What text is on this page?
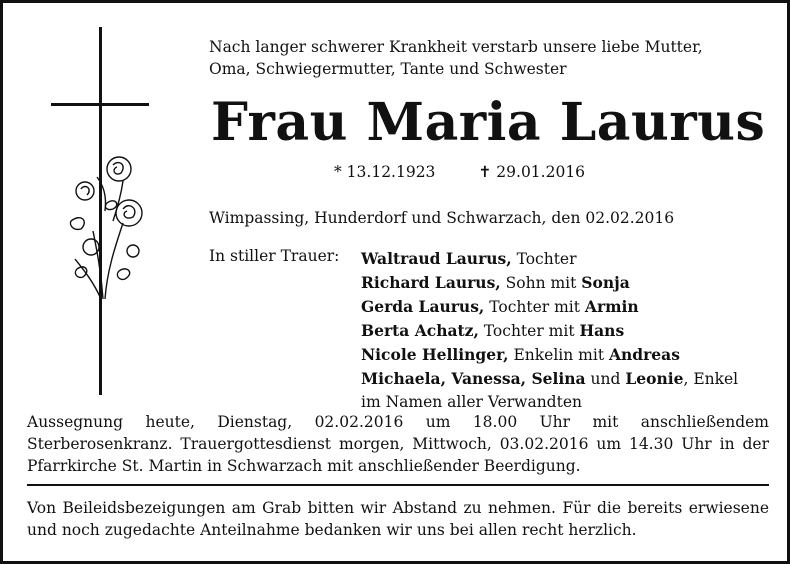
Nach langer schwerer Krankheit verstarb unsere liebe Mutter,
Oma, Schwiegermutter, Tante und Schwester
Frau Maria Laurus
* 13.12.1923	✝ 29.01.2016
Wimpassing, Hunderdorf und Schwarzach, den 02.02.2016
In stiller Trauer: Waltraud Laurus, Tochter
Richard Laurus, Sohn mit Sonja
Gerda Laurus, Tochter mit Armin
Berta Achatz, Tochter mit Hans
Nicole Hellinger, Enkelin mit Andreas
Michaela, Vanessa, Selina und Leonie, Enkel
im Namen aller Verwandten
Aussegnung heute, Dienstag, 02.02.2016 um 18.00 Uhr mit anschließendem Sterberosenkranz. Trauergottesdienst morgen, Mittwoch, 03.02.2016 um 14.30 Uhr in der Pfarrkirche St. Martin in Schwarzach mit anschließender Beerdigung.
Von Beileidsbezeigungen am Grab bitten wir Abstand zu nehmen. Für die bereits erwiesene und noch zugedachte Anteilnahme bedanken wir uns bei allen recht herzlich.
